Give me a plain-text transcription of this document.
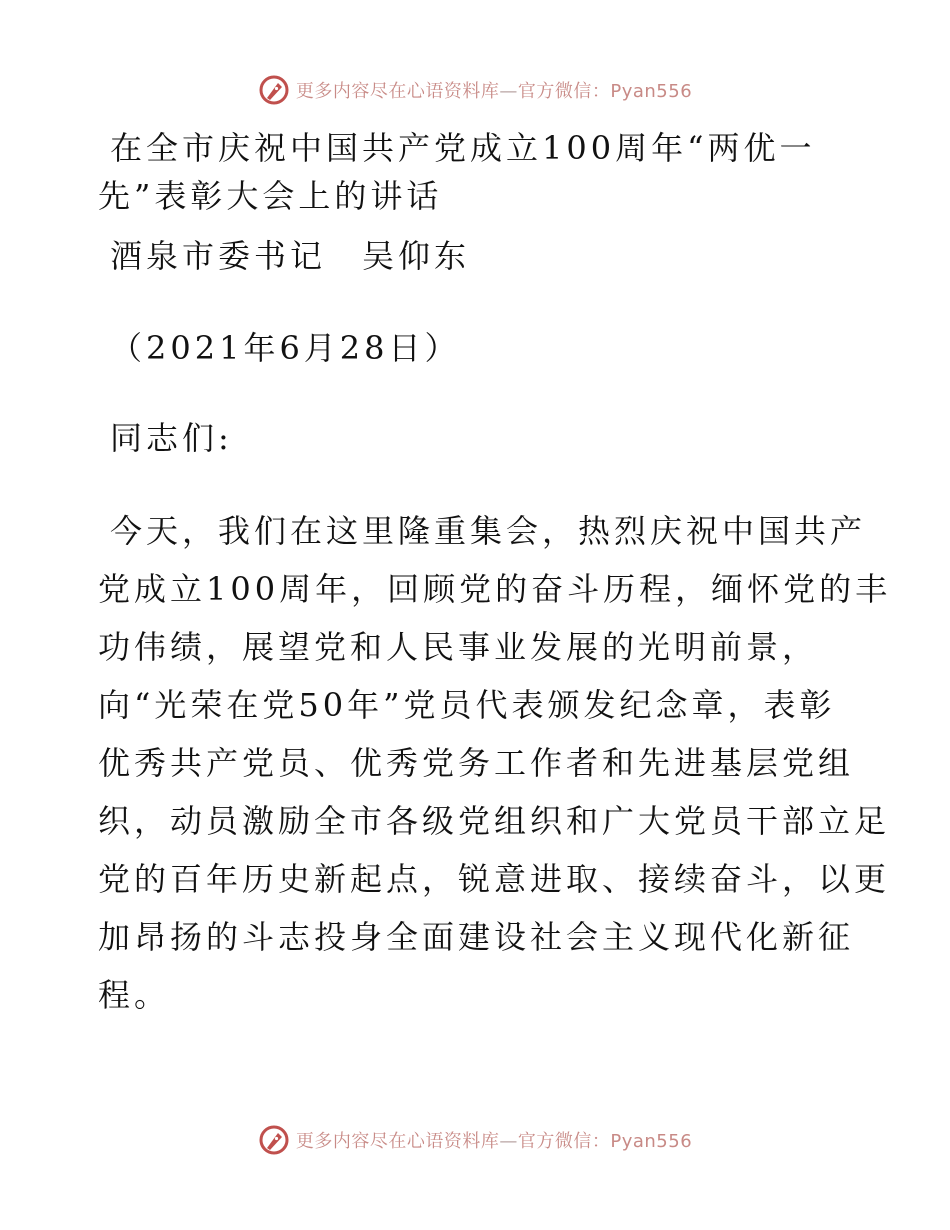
更多内容尽在心语资料库—官方微信：Pyan556
在全市庆祝中国共产党成立100周年“两优一
先”表彰大会上的讲话
酒泉市委书记　吴仰东
（2021年6月28日）
同志们:
今天，我们在这里隆重集会，热烈庆祝中国共产
党成立100周年，回顾党的奋斗历程，缅怀党的丰
功伟绩，展望党和人民事业发展的光明前景，
向“光荣在党50年”党员代表颁发纪念章，表彰
优秀共产党员、优秀党务工作者和先进基层党组
织，动员激励全市各级党组织和广大党员干部立足
党的百年历史新起点，锐意进取、接续奋斗，以更
加昂扬的斗志投身全面建设社会主义现代化新征
程。
更多内容尽在心语资料库—官方微信：Pyan556
